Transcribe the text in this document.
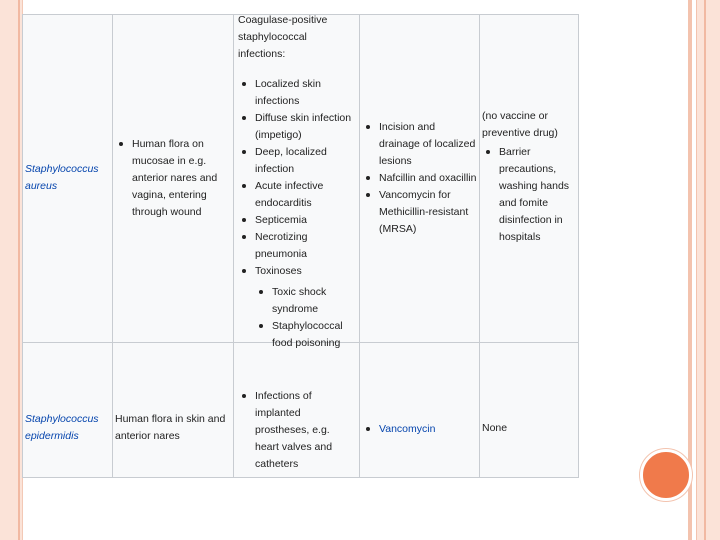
Staphylococcus aureus
Human flora on mucosae in e.g. anterior nares and vagina, entering through wound
Coagulase-positive staphylococcal infections:
Localized skin infections
Diffuse skin infection (impetigo)
Deep, localized infection
Acute infective endocarditis
Septicemia
Necrotizing pneumonia
Toxinoses
Toxic shock syndrome
Staphylococcal food poisoning
Incision and drainage of localized lesions
Nafcillin and oxacillin
Vancomycin for Methicillin-resistant (MRSA)
(no vaccine or preventive drug)
Barrier precautions, washing hands and fomite disinfection in hospitals
Staphylococcus epidermidis
Human flora in skin and anterior nares
Infections of implanted prostheses, e.g. heart valves and catheters
Vancomycin	None
